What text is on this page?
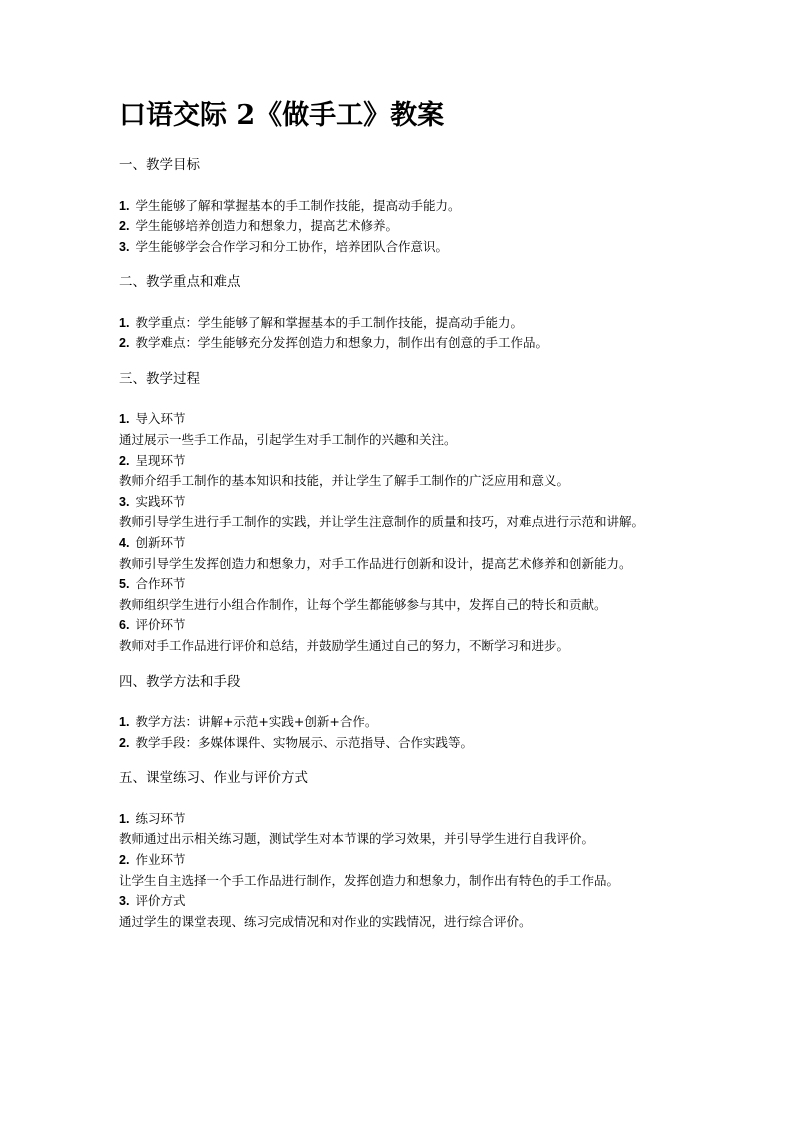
口语交际 2《做手工》教案
一、教学目标
1. 学生能够了解和掌握基本的手工制作技能，提高动手能力。
2. 学生能够培养创造力和想象力，提高艺术修养。
3. 学生能够学会合作学习和分工协作，培养团队合作意识。
二、教学重点和难点
1. 教学重点：学生能够了解和掌握基本的手工制作技能，提高动手能力。
2. 教学难点：学生能够充分发挥创造力和想象力，制作出有创意的手工作品。
三、教学过程
1. 导入环节

通过展示一些手工作品，引起学生对手工制作的兴趣和关注。

2. 呈现环节

教师介绍手工制作的基本知识和技能，并让学生了解手工制作的广泛应用和意义。

3. 实践环节

教师引导学生进行手工制作的实践，并让学生注意制作的质量和技巧，对难点进行示范和讲解。

4. 创新环节

教师引导学生发挥创造力和想象力，对手工作品进行创新和设计，提高艺术修养和创新能力。

5. 合作环节

教师组织学生进行小组合作制作，让每个学生都能够参与其中，发挥自己的特长和贡献。

6. 评价环节

教师对手工作品进行评价和总结，并鼓励学生通过自己的努力，不断学习和进步。

四、教学方法和手段
1. 教学方法：讲解+示范+实践+创新+合作。
2. 教学手段：多媒体课件、实物展示、示范指导、合作实践等。
五、课堂练习、作业与评价方式
1. 练习环节

教师通过出示相关练习题，测试学生对本节课的学习效果，并引导学生进行自我评价。

2. 作业环节

让学生自主选择一个手工作品进行制作，发挥创造力和想象力，制作出有特色的手工作品。

3. 评价方式

通过学生的课堂表现、练习完成情况和对作业的实践情况，进行综合评价。
